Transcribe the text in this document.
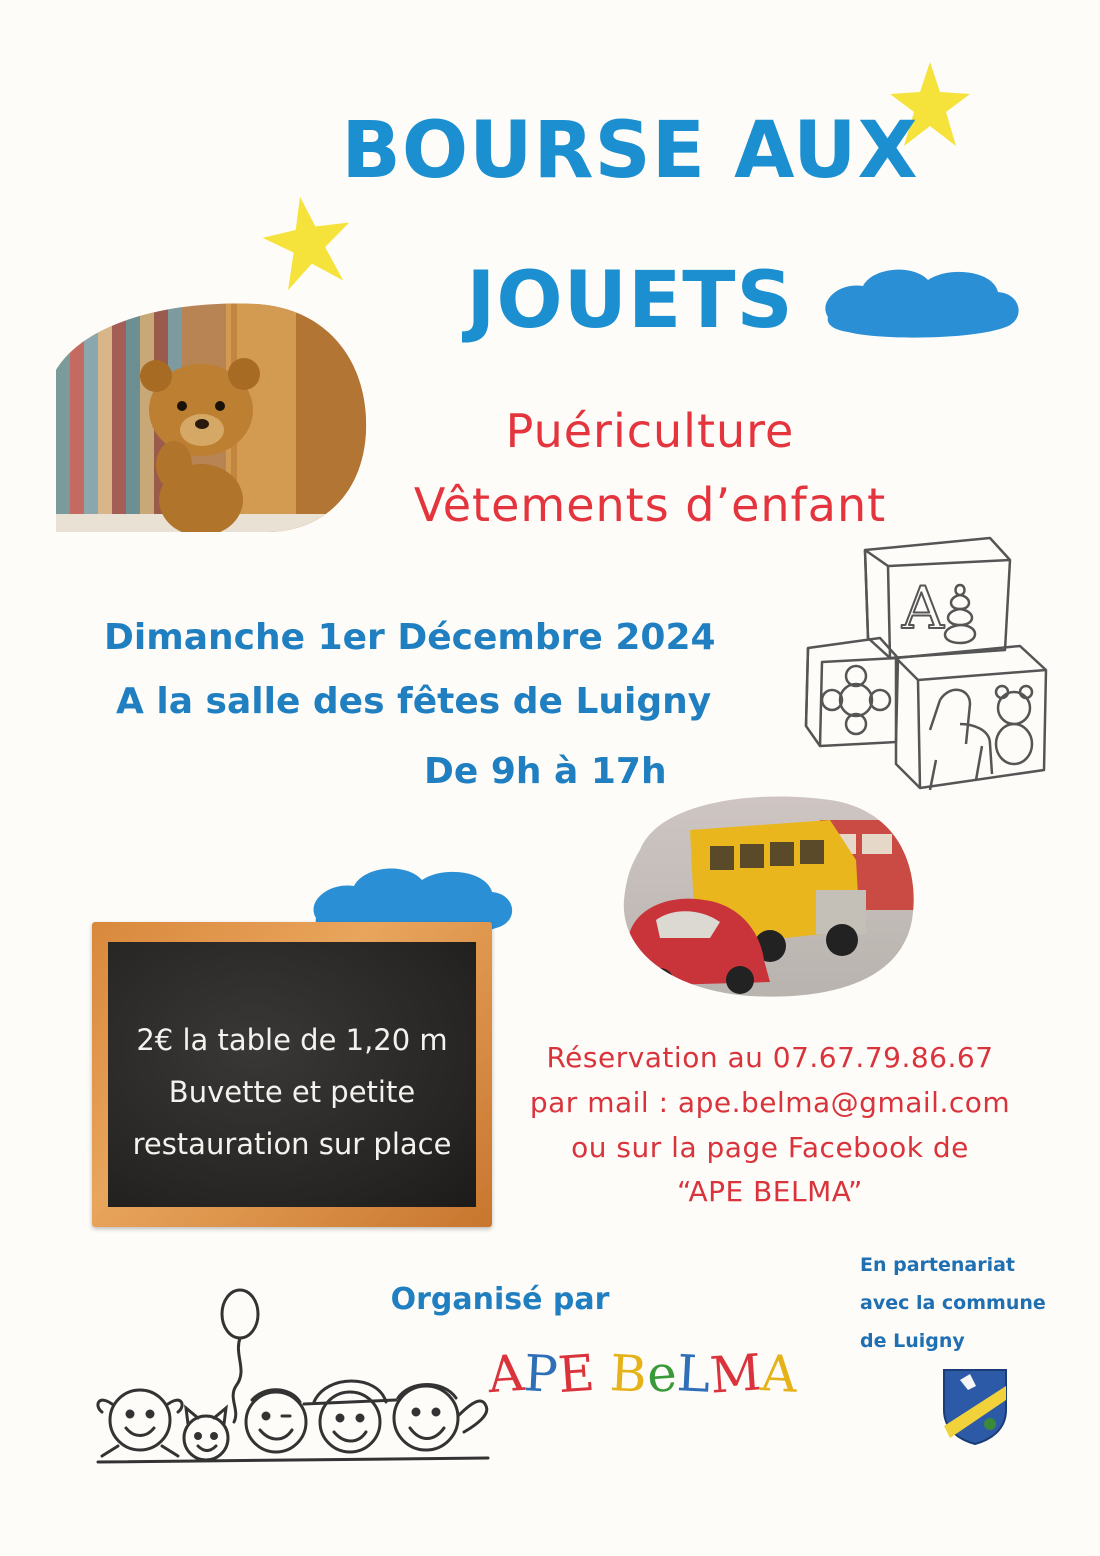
BOURSE AUX
JOUETS
Puériculture
Vêtements d’enfant
A
Dimanche 1er Décembre 2024
A la salle des fêtes de Luigny
De 9h à 17h
2€ la table de 1,20 m
Buvette et petite
restauration sur place
Réservation au 07.67.79.86.67
par mail : ape.belma@gmail.com
ou sur la page Facebook de
“APE BELMA”
Organisé par
APE BeLMA
En partenariat
avec la commune
de Luigny
